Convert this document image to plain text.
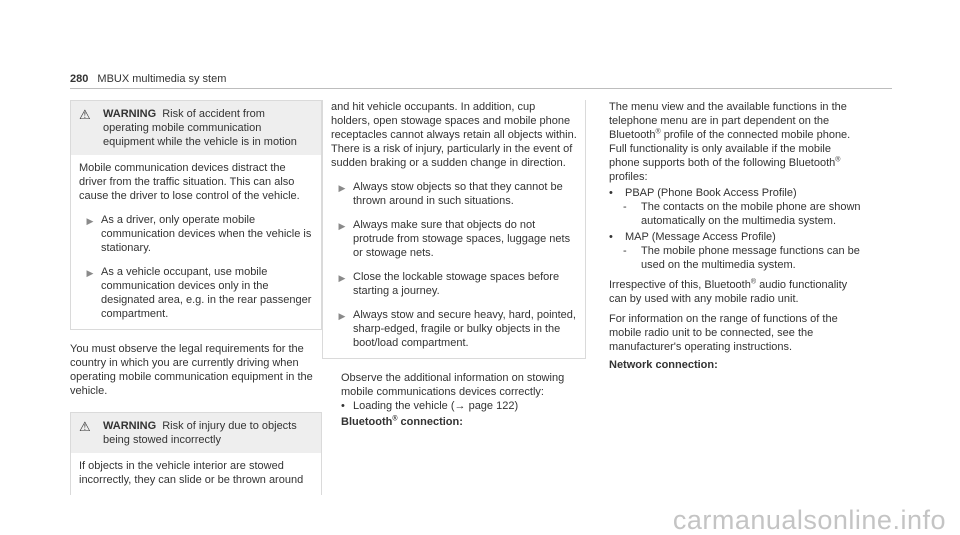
280 MBUX multimedia sy stem
⚠	WARNING Risk of accident from operating mobile communication equipment while the vehicle is in motion

Mobile communication devices distract the driver from the traffic situation. This can also cause the driver to lose control of the vehicle.

▶ As a driver, only operate mobile communication devices when the vehicle is stationary.

▶ As a vehicle occupant, use mobile communication devices only in the designated area, e.g. in the rear passenger compartment.

You must observe the legal requirements for the country in which you are currently driving when operating mobile communication equipment in the vehicle.

⚠	WARNING Risk of injury due to objects being stowed incorrectly

If objects in the vehicle interior are stowed incorrectly, they can slide or be thrown around

and hit vehicle occupants. In addition, cup holders, open stowage spaces and mobile phone receptacles cannot always retain all objects within.

There is a risk of injury, particularly in the event of sudden braking or a sudden change in direction.

▶ Always stow objects so that they cannot be thrown around in such situations.

▶ Always make sure that objects do not protrude from stowage spaces, luggage nets or stowage nets.

▶ Close the lockable stowage spaces before starting a journey.

▶ Always stow and secure heavy, hard, pointed, sharp-edged, fragile or bulky objects in the boot/load compartment.

Observe the additional information on stowing mobile communications devices correctly:

• Loading the vehicle (→ page 122)

Bluetooth® connection:

The menu view and the available functions in the telephone menu are in part dependent on the Bluetooth® profile of the connected mobile phone. Full functionality is only available if the mobile phone supports both of the following Bluetooth® profiles:

•	PBAP (Phone Book Access Profile)

-	The contacts on the mobile phone are shown automatically on the multimedia system.

•	MAP (Message Access Profile)

-	The mobile phone message functions can be used on the multimedia system.

Irrespective of this, Bluetooth® audio functionality can by used with any mobile radio unit.

For information on the range of functions of the mobile radio unit to be connected, see the manufacturer's operating instructions.

Network connection:

carmanualsonline.info
